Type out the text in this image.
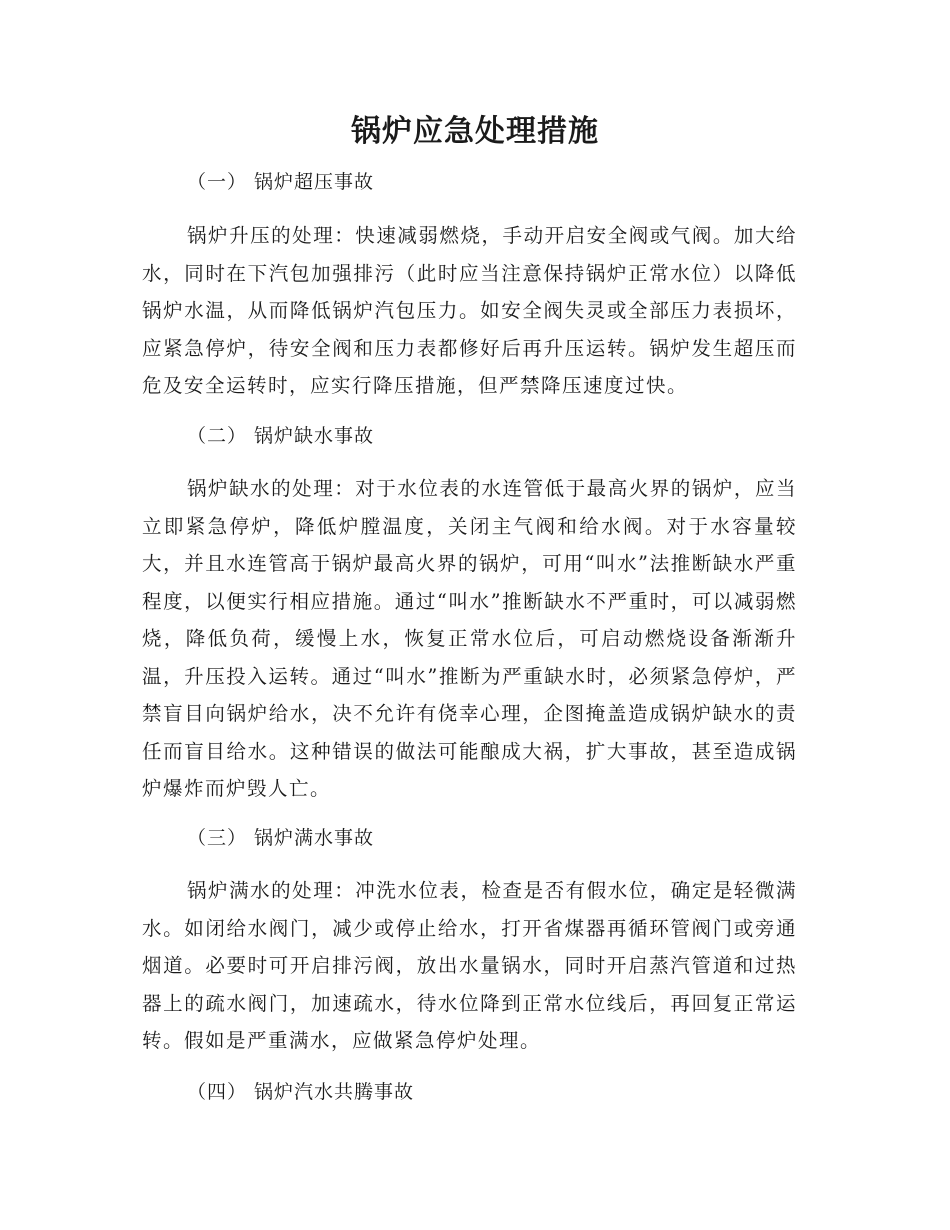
锅炉应急处理措施
（一） 锅炉超压事故

锅炉升压的处理：快速减弱燃烧，手动开启安全阀或气阀。加大给水，同时在下汽包加强排污（此时应当注意保持锅炉正常水位）以降低锅炉水温，从而降低锅炉汽包压力。如安全阀失灵或全部压力表损坏，应紧急停炉，待安全阀和压力表都修好后再升压运转。锅炉发生超压而危及安全运转时，应实行降压措施，但严禁降压速度过快。

（二） 锅炉缺水事故

锅炉缺水的处理：对于水位表的水连管低于最高火界的锅炉，应当立即紧急停炉，降低炉膛温度，关闭主气阀和给水阀。对于水容量较大，并且水连管高于锅炉最高火界的锅炉，可用“叫水”法推断缺水严重程度，以便实行相应措施。通过“叫水”推断缺水不严重时，可以减弱燃烧，降低负荷，缓慢上水，恢复正常水位后，可启动燃烧设备渐渐升温，升压投入运转。通过“叫水”推断为严重缺水时，必须紧急停炉，严禁盲目向锅炉给水，决不允许有侥幸心理，企图掩盖造成锅炉缺水的责任而盲目给水。这种错误的做法可能酿成大祸，扩大事故，甚至造成锅炉爆炸而炉毁人亡。

（三） 锅炉满水事故

锅炉满水的处理：冲洗水位表，检查是否有假水位，确定是轻微满水。如闭给水阀门，减少或停止给水，打开省煤器再循环管阀门或旁通烟道。必要时可开启排污阀，放出水量锅水，同时开启蒸汽管道和过热器上的疏水阀门，加速疏水，待水位降到正常水位线后，再回复正常运转。假如是严重满水，应做紧急停炉处理。

（四） 锅炉汽水共腾事故
